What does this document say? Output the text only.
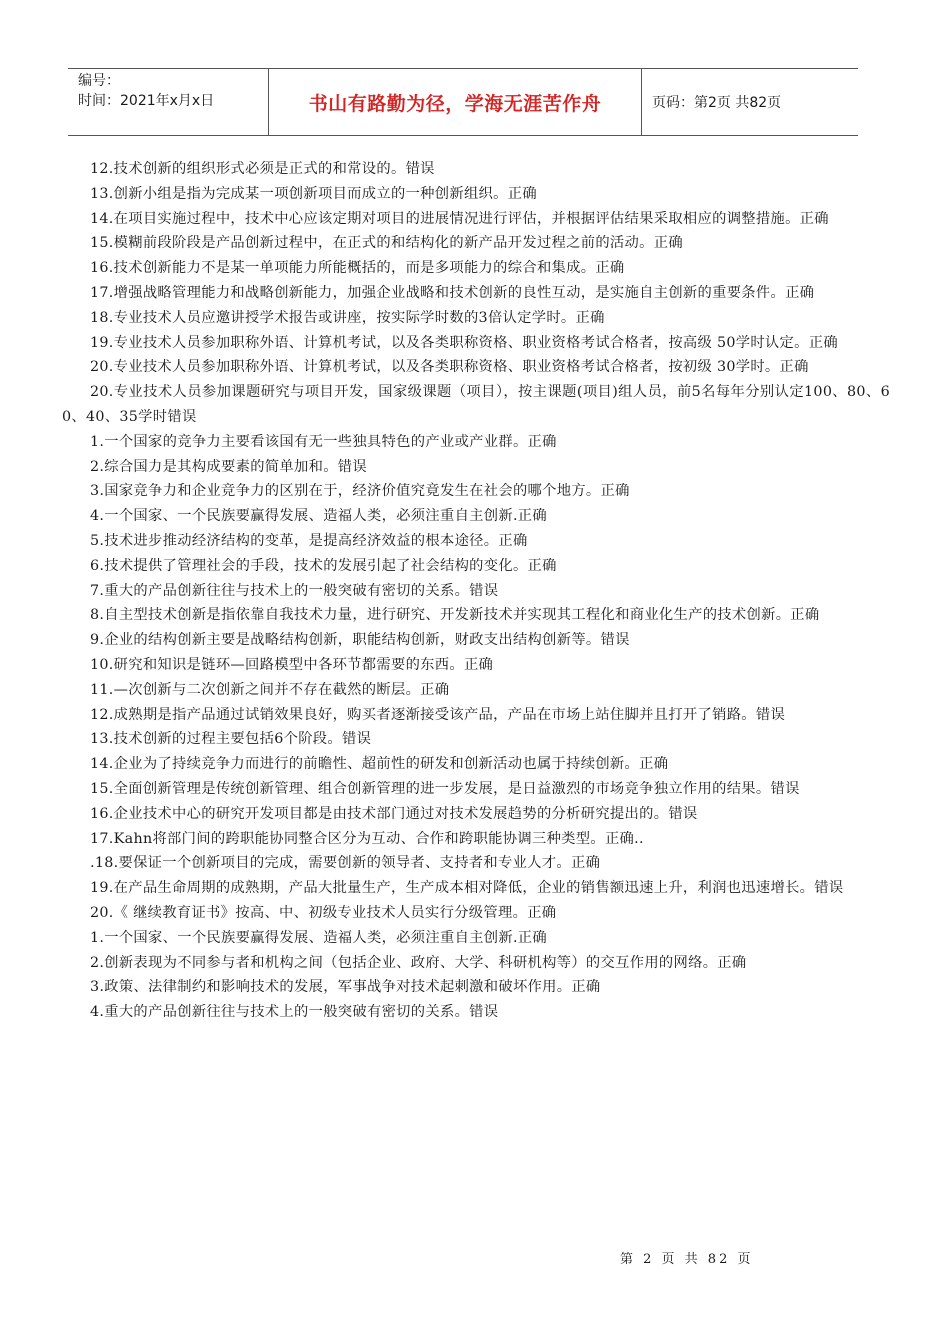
编号：
时间：2021年x月x日	书山有路勤为径，学海无涯苦作舟	页码：第2页 共82页

12.技术创新的组织形式必须是正式的和常设的。错误

13.创新小组是指为完成某一项创新项目而成立的一种创新组织。正确

14.在项目实施过程中，技术中心应该定期对项目的进展情况进行评估，并根据评估结果采取相应的调整措施。正确

15.模糊前段阶段是产品创新过程中，在正式的和结构化的新产品开发过程之前的活动。正确

16.技术创新能力不是某一单项能力所能概括的，而是多项能力的综合和集成。正确

17.增强战略管理能力和战略创新能力，加强企业战略和技术创新的良性互动，是实施自主创新的重要条件。正确

18.专业技术人员应邀讲授学术报告或讲座，按实际学时数的3倍认定学时。正确

19.专业技术人员参加职称外语、计算机考试，以及各类职称资格、职业资格考试合格者，按高级 50学时认定。正确

20.专业技术人员参加职称外语、计算机考试，以及各类职称资格、职业资格考试合格者，按初级 30学时。正确

20.专业技术人员参加课题研究与项目开发，国家级课题（项目），按主课题(项目)组人员，前5名每年分别认定100、80、60、40、35学时错误

1.一个国家的竞争力主要看该国有无一些独具特色的产业或产业群。正确

2.综合国力是其构成要素的简单加和。错误

3.国家竞争力和企业竞争力的区别在于，经济价值究竟发生在社会的哪个地方。正确

4.一个国家、一个民族要赢得发展、造福人类，必须注重自主创新.正确

5.技术进步推动经济结构的变革，是提高经济效益的根本途径。正确

6.技术提供了管理社会的手段，技术的发展引起了社会结构的变化。正确

7.重大的产品创新往往与技术上的一般突破有密切的关系。错误

8.自主型技术创新是指依靠自我技术力量，进行研究、开发新技术并实现其工程化和商业化生产的技术创新。正确

9.企业的结构创新主要是战略结构创新，职能结构创新，财政支出结构创新等。错误

10.研究和知识是链环—回路模型中各环节都需要的东西。正确

11.—次创新与二次创新之间并不存在截然的断层。正确

12.成熟期是指产品通过试销效果良好，购买者逐渐接受该产品，产品在市场上站住脚并且打开了销路。错误

13.技术创新的过程主要包括6个阶段。错误

14.企业为了持续竞争力而进行的前瞻性、超前性的研发和创新活动也属于持续创新。正确

15.全面创新管理是传统创新管理、组合创新管理的进一步发展，是日益激烈的市场竞争独立作用的结果。错误

16.企业技术中心的研究开发项目都是由技术部门通过对技术发展趋势的分析研究提出的。错误

17.Kahn将部门间的跨职能协同整合区分为互动、合作和跨职能协调三种类型。正确..

.18.要保证一个创新项目的完成，需要创新的领导者、支持者和专业人才。正确

19.在产品生命周期的成熟期，产品大批量生产，生产成本相对降低，企业的销售额迅速上升，利润也迅速增长。错误

20.《 继续教育证书》按高、中、初级专业技术人员实行分级管理。正确

1.一个国家、一个民族要赢得发展、造福人类，必须注重自主创新.正确

2.创新表现为不同参与者和机构之间（包括企业、政府、大学、科研机构等）的交互作用的网络。正确

3.政策、法律制约和影响技术的发展，军事战争对技术起刺激和破坏作用。正确

4.重大的产品创新往往与技术上的一般突破有密切的关系。错误

第 2 页 共 82 页
